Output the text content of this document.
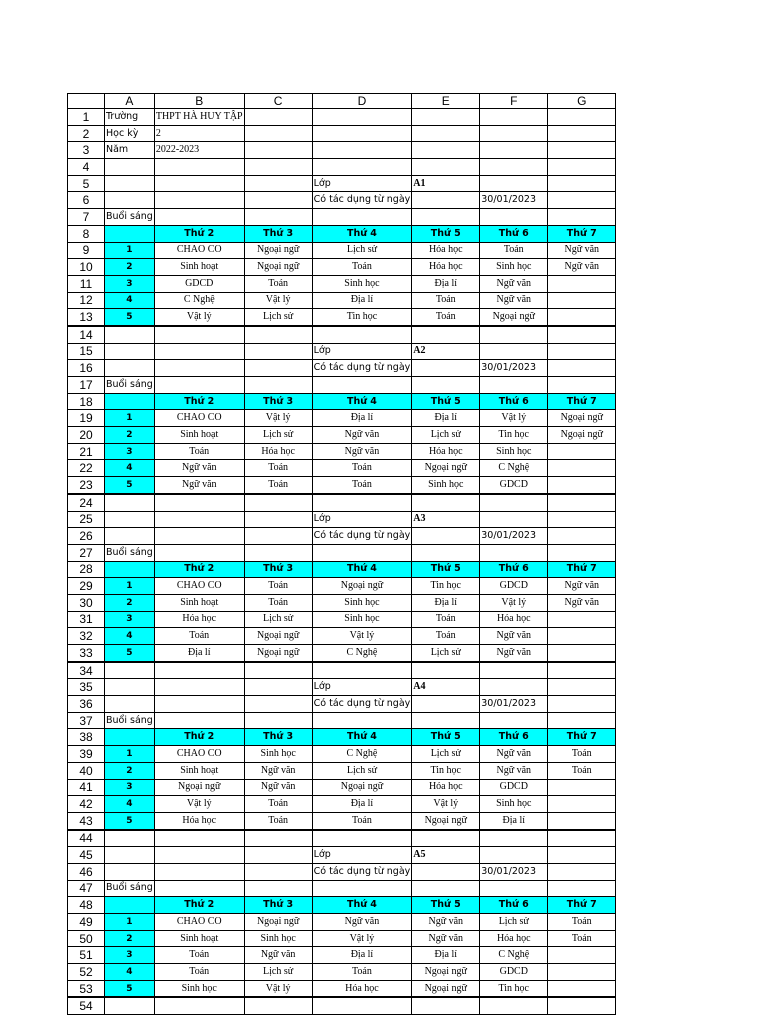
	A	B	C	D	E	F	G
1	Trường	THPT HÀ HUY TẬP					
2	Học kỳ	2					
3	Năm	2022-2023					
4							
5				Lớp	A1		
6				Có tác dụng từ ngày		30/01/2023	
7	Buổi sáng						
8		Thứ 2	Thứ 3	Thứ 4	Thứ 5	Thứ 6	Thứ 7
9	1	CHAO CO	Ngoại ngữ	Lịch sử	Hóa học	Toán	Ngữ văn
10	2	Sinh hoạt	Ngoại ngữ	Toán	Hóa học	Sinh học	Ngữ văn
11	3	GDCD	Toán	Sinh học	Địa lí	Ngữ văn	
12	4	C Nghệ	Vật lý	Địa lí	Toán	Ngữ văn	
13	5	Vật lý	Lịch sử	Tin học	Toán	Ngoại ngữ	
14							
15				Lớp	A2		
16				Có tác dụng từ ngày		30/01/2023	
17	Buổi sáng						
18		Thứ 2	Thứ 3	Thứ 4	Thứ 5	Thứ 6	Thứ 7
19	1	CHAO CO	Vật lý	Địa lí	Địa lí	Vật lý	Ngoại ngữ
20	2	Sinh hoạt	Lịch sử	Ngữ văn	Lịch sử	Tin học	Ngoại ngữ
21	3	Toán	Hóa học	Ngữ văn	Hóa học	Sinh học	
22	4	Ngữ văn	Toán	Toán	Ngoại ngữ	C Nghệ	
23	5	Ngữ văn	Toán	Toán	Sinh học	GDCD	
24							
25				Lớp	A3		
26				Có tác dụng từ ngày		30/01/2023	
27	Buổi sáng						
28		Thứ 2	Thứ 3	Thứ 4	Thứ 5	Thứ 6	Thứ 7
29	1	CHAO CO	Toán	Ngoại ngữ	Tin học	GDCD	Ngữ văn
30	2	Sinh hoạt	Toán	Sinh học	Địa lí	Vật lý	Ngữ văn
31	3	Hóa học	Lịch sử	Sinh học	Toán	Hóa học	
32	4	Toán	Ngoại ngữ	Vật lý	Toán	Ngữ văn	
33	5	Địa lí	Ngoại ngữ	C Nghệ	Lịch sử	Ngữ văn	
34							
35				Lớp	A4		
36				Có tác dụng từ ngày		30/01/2023	
37	Buổi sáng						
38		Thứ 2	Thứ 3	Thứ 4	Thứ 5	Thứ 6	Thứ 7
39	1	CHAO CO	Sinh học	C Nghệ	Lịch sử	Ngữ văn	Toán
40	2	Sinh hoạt	Ngữ văn	Lịch sử	Tin học	Ngữ văn	Toán
41	3	Ngoại ngữ	Ngữ văn	Ngoại ngữ	Hóa học	GDCD	
42	4	Vật lý	Toán	Địa lí	Vật lý	Sinh học	
43	5	Hóa học	Toán	Toán	Ngoại ngữ	Địa lí	
44							
45				Lớp	A5		
46				Có tác dụng từ ngày		30/01/2023	
47	Buổi sáng						
48		Thứ 2	Thứ 3	Thứ 4	Thứ 5	Thứ 6	Thứ 7
49	1	CHAO CO	Ngoại ngữ	Ngữ văn	Ngữ văn	Lịch sử	Toán
50	2	Sinh hoạt	Sinh học	Vật lý	Ngữ văn	Hóa học	Toán
51	3	Toán	Ngữ văn	Địa lí	Địa lí	C Nghệ	
52	4	Toán	Lịch sử	Toán	Ngoại ngữ	GDCD	
53	5	Sinh học	Vật lý	Hóa học	Ngoại ngữ	Tin học	
54							
